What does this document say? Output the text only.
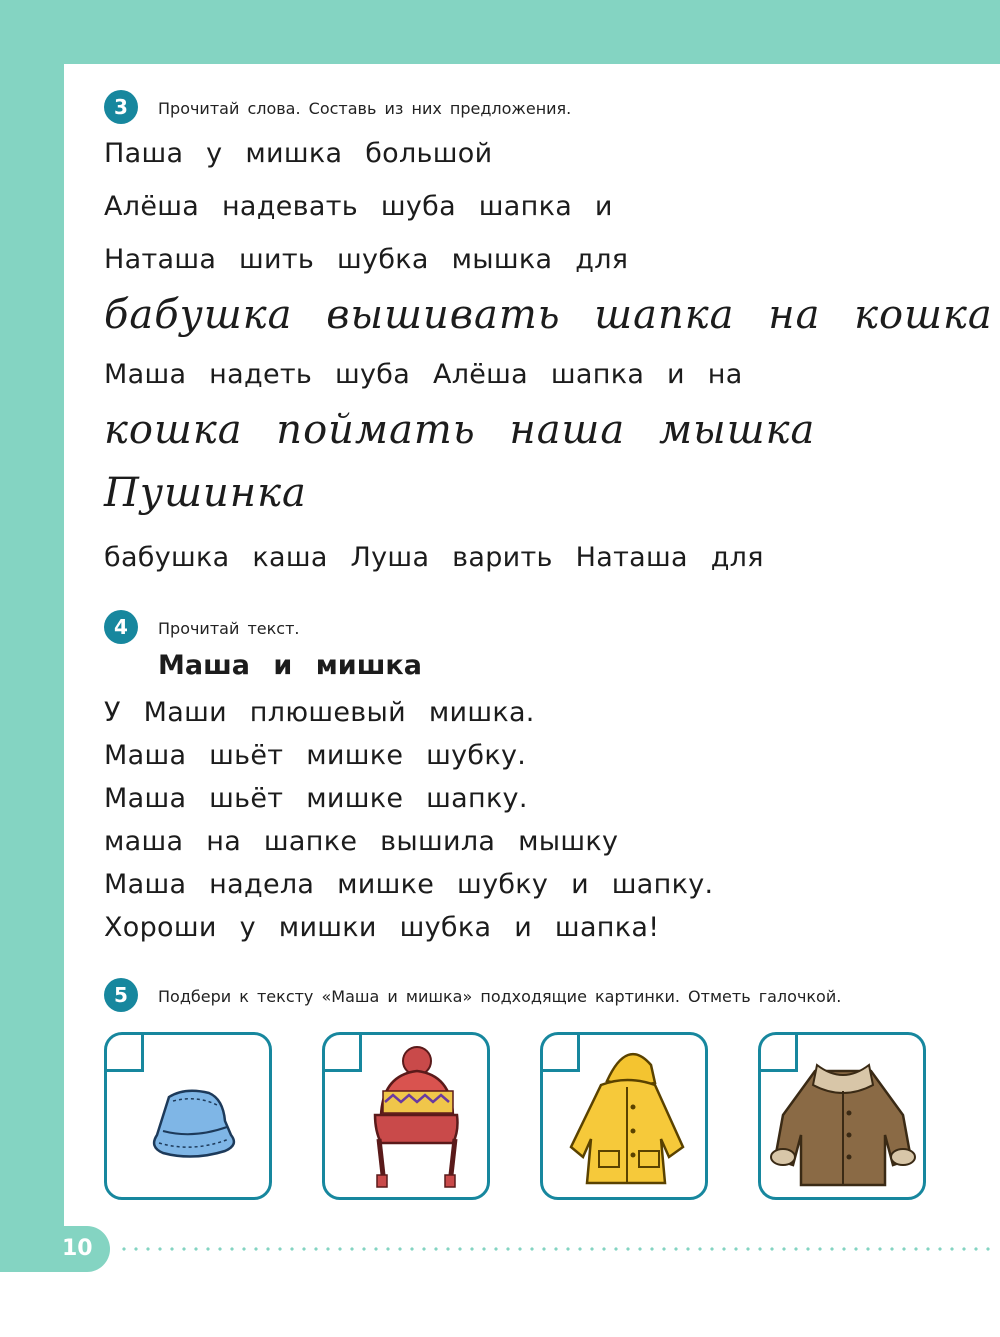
3	Прочитай слова. Составь из них предложения.
Паша у мишка большой
Алёша надевать шуба шапка и
Наташа шить шубка мышка для
бабушка вышивать шапка на кошка
Маша надеть шуба Алёша шапка и на
кошка поймать наша мышка
Пушинка
бабушка каша Луша варить Наташа для
4	Прочитай текст.
Маша и мишка
У Маши плюшевый мишка.
Маша шьёт мишке шубку.
Маша шьёт мишке шапку.
маша на шапке вышила мышку
Маша надела мишке шубку и шапку.
Хороши у мишки шубка и шапка!
5	Подбери к тексту «Маша и мишка» подходящие картинки. Отметь галочкой.
10
